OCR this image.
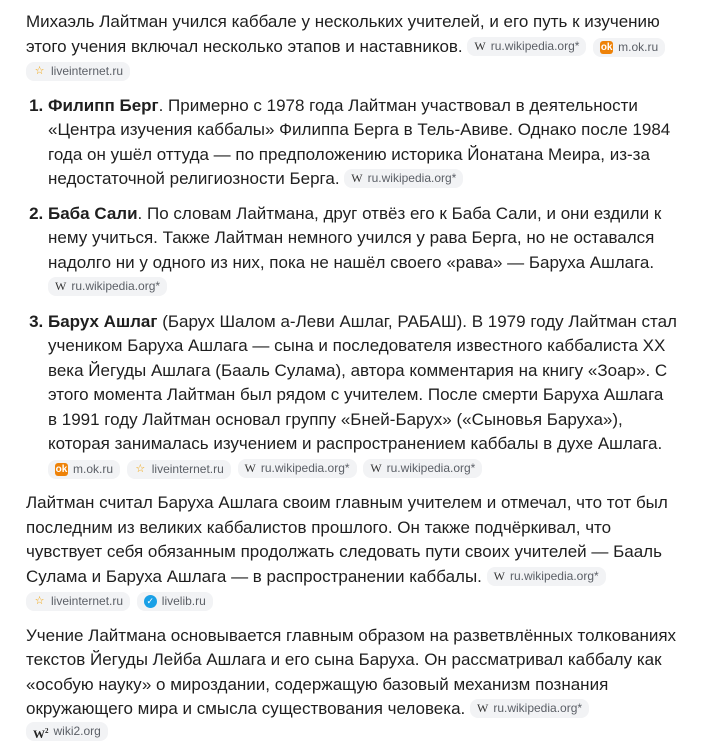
Михаэль Лайтман учился каббале у нескольких учителей, и его путь к изучению этого учения включал несколько этапов и наставников. W ru.wikipedia.org*
ok m.ok.ru

☆ liveinternet.ru

1. Филипп Берг. Примерно с 1978 года Лайтман участвовал в деятельности «Центра изучения каббалы» Филиппа Берга в Тель-Авиве. Однако после 1984 года он ушёл оттуда — по предположению историка Йонатана Меира, из-за недостаточной религиозности Берга. W ru.wikipedia.org*
2. Баба Сали. По словам Лайтмана, друг отвёз его к Баба Сали, и они ездили к нему учиться. Также Лайтман немного учился у рава Берга, но не оставался надолго ни у одного из них, пока не нашёл своего «рава» — Баруха Ашлага.
W ru.wikipedia.org*
3. Барух Ашлаг (Барух Шалом а-Леви Ашлаг, РАБАШ). В 1979 году Лайтман стал учеником Баруха Ашлага — сына и последователя известного каббалиста XX века Йегуды Ашлага (Бааль Сулама), автора комментария на книгу «Зоар». С этого момента Лайтман был рядом с учителем. После смерти Баруха Ашлага в 1991 году Лайтман основал группу «Бней-Барух» («Сыновья Баруха»), которая занималась изучением и распространением каббалы в духе Ашлага.
ok m.ok.ru
☆ liveinternet.ru
W ru.wikipedia.org*
W ru.wikipedia.org*

Лайтман считал Баруха Ашлага своим главным учителем и отмечал, что тот был последним из великих каббалистов прошлого. Он также подчёркивал, что чувствует себя обязанным продолжать следовать пути своих учителей — Бааль Сулама и Баруха Ашлага — в распространении каббалы. W ru.wikipedia.org*

☆ liveinternet.ru
	✓ livelib.ru

Учение Лайтмана основывается главным образом на разветвлённых толкованиях текстов Йегуды Лейба Ашлага и его сына Баруха. Он рассматривал каббалу как «особую науку» о мироздании, содержащую базовый механизм познания окружающего мира и смысла существования человека. W ru.wikipedia.org*

$W^2$ wiki2.org
